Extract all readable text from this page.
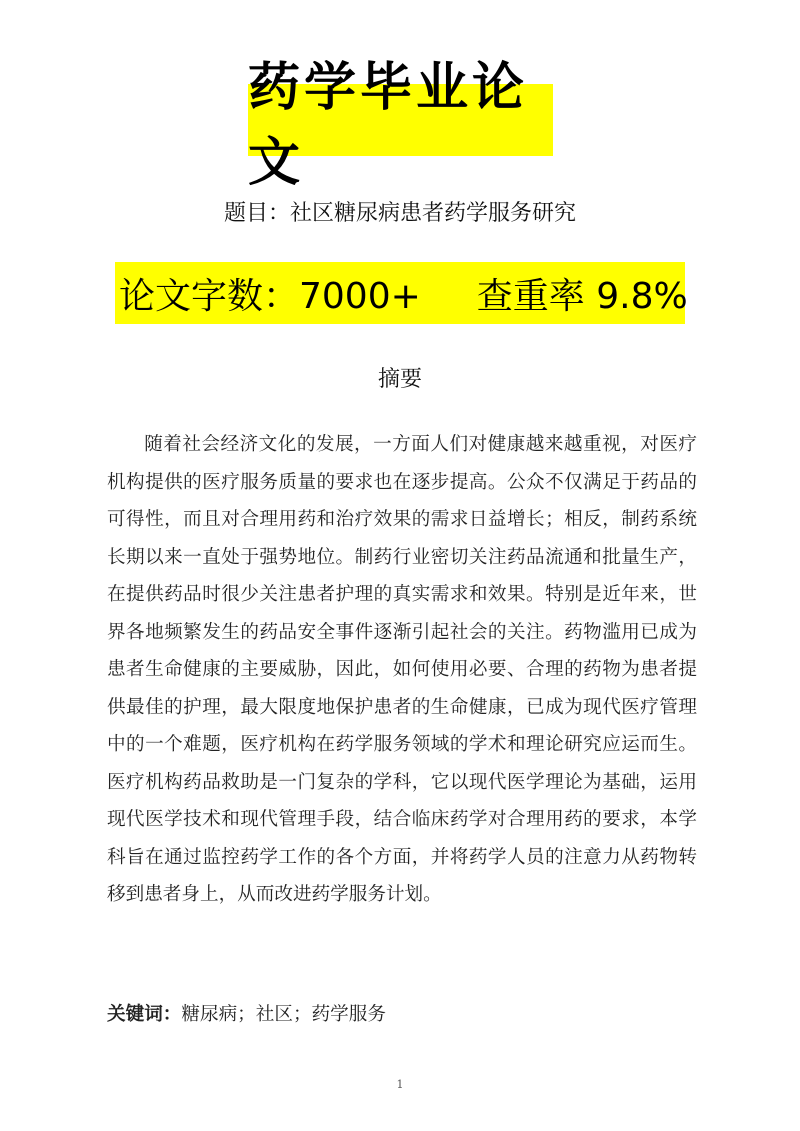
药学毕业论文
题目：社区糖尿病患者药学服务研究
论文字数：7000+ 查重率 9.8%
摘要

随着社会经济文化的发展，一方面人们对健康越来越重视，对医疗机构提供的医疗服务质量的要求也在逐步提高。公众不仅满足于药品的可得性，而且对合理用药和治疗效果的需求日益增长；相反，制药系统长期以来一直处于强势地位。制药行业密切关注药品流通和批量生产，在提供药品时很少关注患者护理的真实需求和效果。特别是近年来，世界各地频繁发生的药品安全事件逐渐引起社会的关注。药物滥用已成为患者生命健康的主要威胁，因此，如何使用必要、合理的药物为患者提供最佳的护理，最大限度地保护患者的生命健康，已成为现代医疗管理中的一个难题，医疗机构在药学服务领域的学术和理论研究应运而生。医疗机构药品救助是一门复杂的学科，它以现代医学理论为基础，运用现代医学技术和现代管理手段，结合临床药学对合理用药的要求，本学科旨在通过监控药学工作的各个方面，并将药学人员的注意力从药物转移到患者身上，从而改进药学服务计划。

关键词：糖尿病；社区；药学服务
1
